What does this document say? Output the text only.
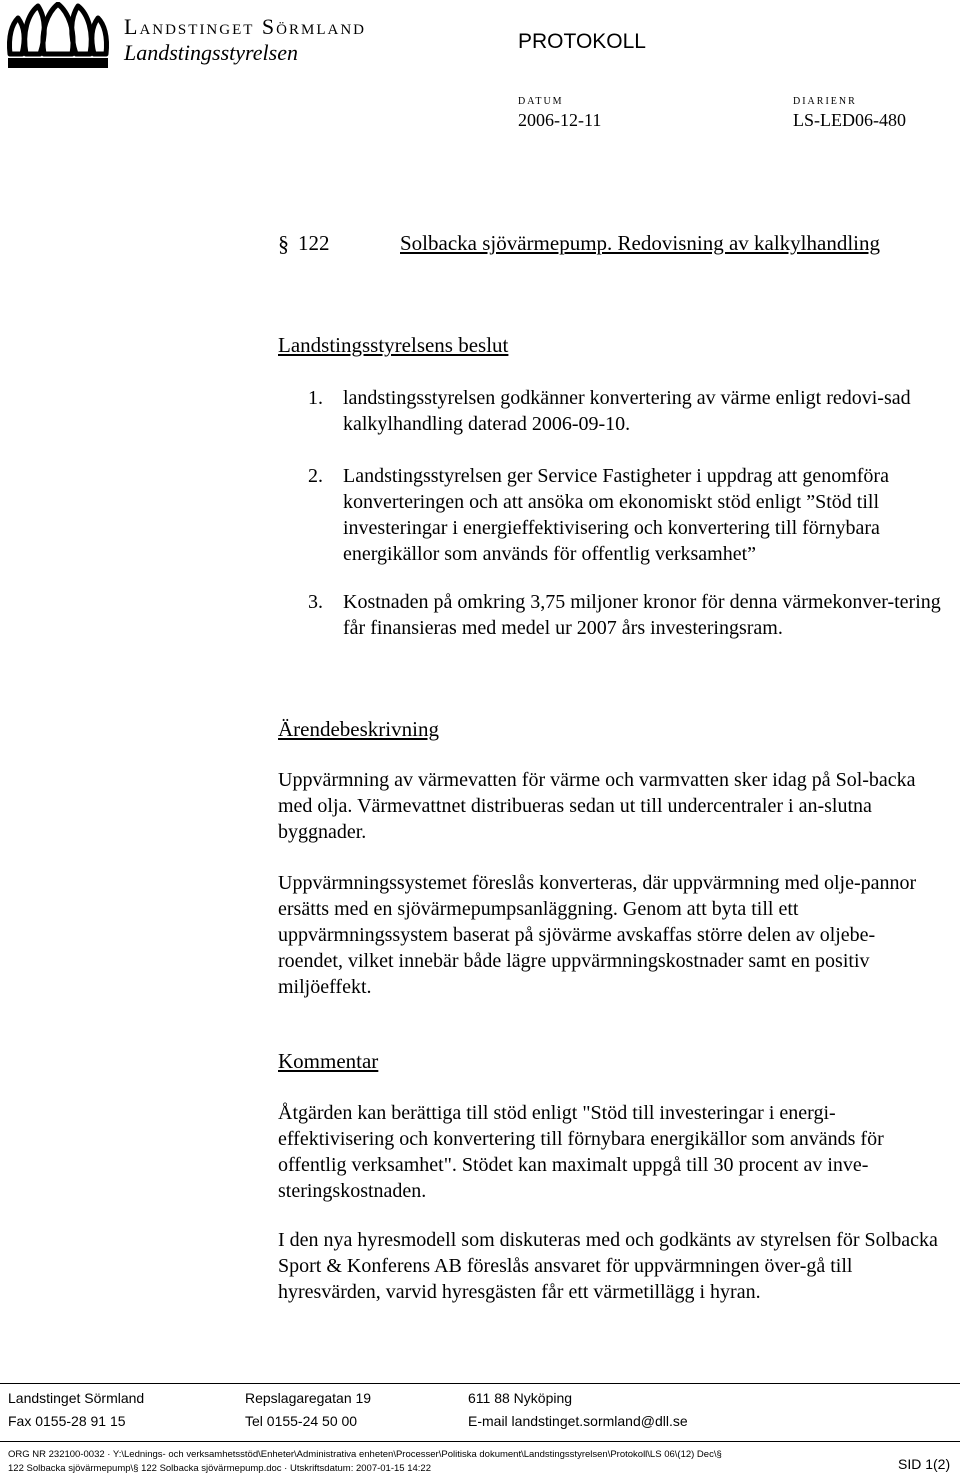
Landstinget Sörmland
Landstingsstyrelsen	PROTOKOLL
DATUM
2006-12-11
DIARIENR
LS-LED06-480
§ 122	Solbacka sjövärmepump. Redovisning av kalkylhandling
Landstingsstyrelsens beslut
1. landstingsstyrelsen godkänner konvertering av värme enligt redovi-sad kalkylhandling daterad 2006-09-10.
2. Landstingsstyrelsen ger Service Fastigheter i uppdrag att genomföra konverteringen och att ansöka om ekonomiskt stöd enligt ”Stöd till investeringar i energieffektivisering och konvertering till förnybara energikällor som används för offentlig verksamhet”
3. Kostnaden på omkring 3,75 miljoner kronor för denna värmekonver-tering får finansieras med medel ur 2007 års investeringsram.
Ärendebeskrivning
Uppvärmning av värmevatten för värme och varmvatten sker idag på Sol-backa med olja. Värmevattnet distribueras sedan ut till undercentraler i an-slutna byggnader.
Uppvärmningssystemet föreslås konverteras, där uppvärmning med olje-pannor ersätts med en sjövärmepumpsanläggning. Genom att byta till ett uppvärmningssystem baserat på sjövärme avskaffas större delen av oljebe-roendet, vilket innebär både lägre uppvärmningskostnader samt en positiv miljöeffekt.
Kommentar
Åtgärden kan berättiga till stöd enligt "Stöd till investeringar i energi-effektivisering och konvertering till förnybara energikällor som används för offentlig verksamhet". Stödet kan maximalt uppgå till 30 procent av inve-steringskostnaden.
I den nya hyresmodell som diskuteras med och godkänts av styrelsen för Solbacka Sport & Konferens AB föreslås ansvaret för uppvärmningen över-gå till hyresvärden, varvid hyresgästen får ett värmetillägg i hyran.
Landstinget Sörmland	Repslagaregatan 19	611 88 Nyköping
Fax 0155-28 91 15	Tel 0155-24 50 00	E-mail landstinget.sormland@dll.se
ORG NR 232100-0032 · Y:\Lednings- och verksamhetsstöd\Enheter\Administrativa enheten\Processer\Politiska dokument\Landstingsstyrelsen\Protokoll\LS 06\(12) Dec\§
122 Solbacka sjövärmepump\§ 122 Solbacka sjövärmepump.doc · Utskriftsdatum: 2007-01-15 14:22	SID 1(2)
